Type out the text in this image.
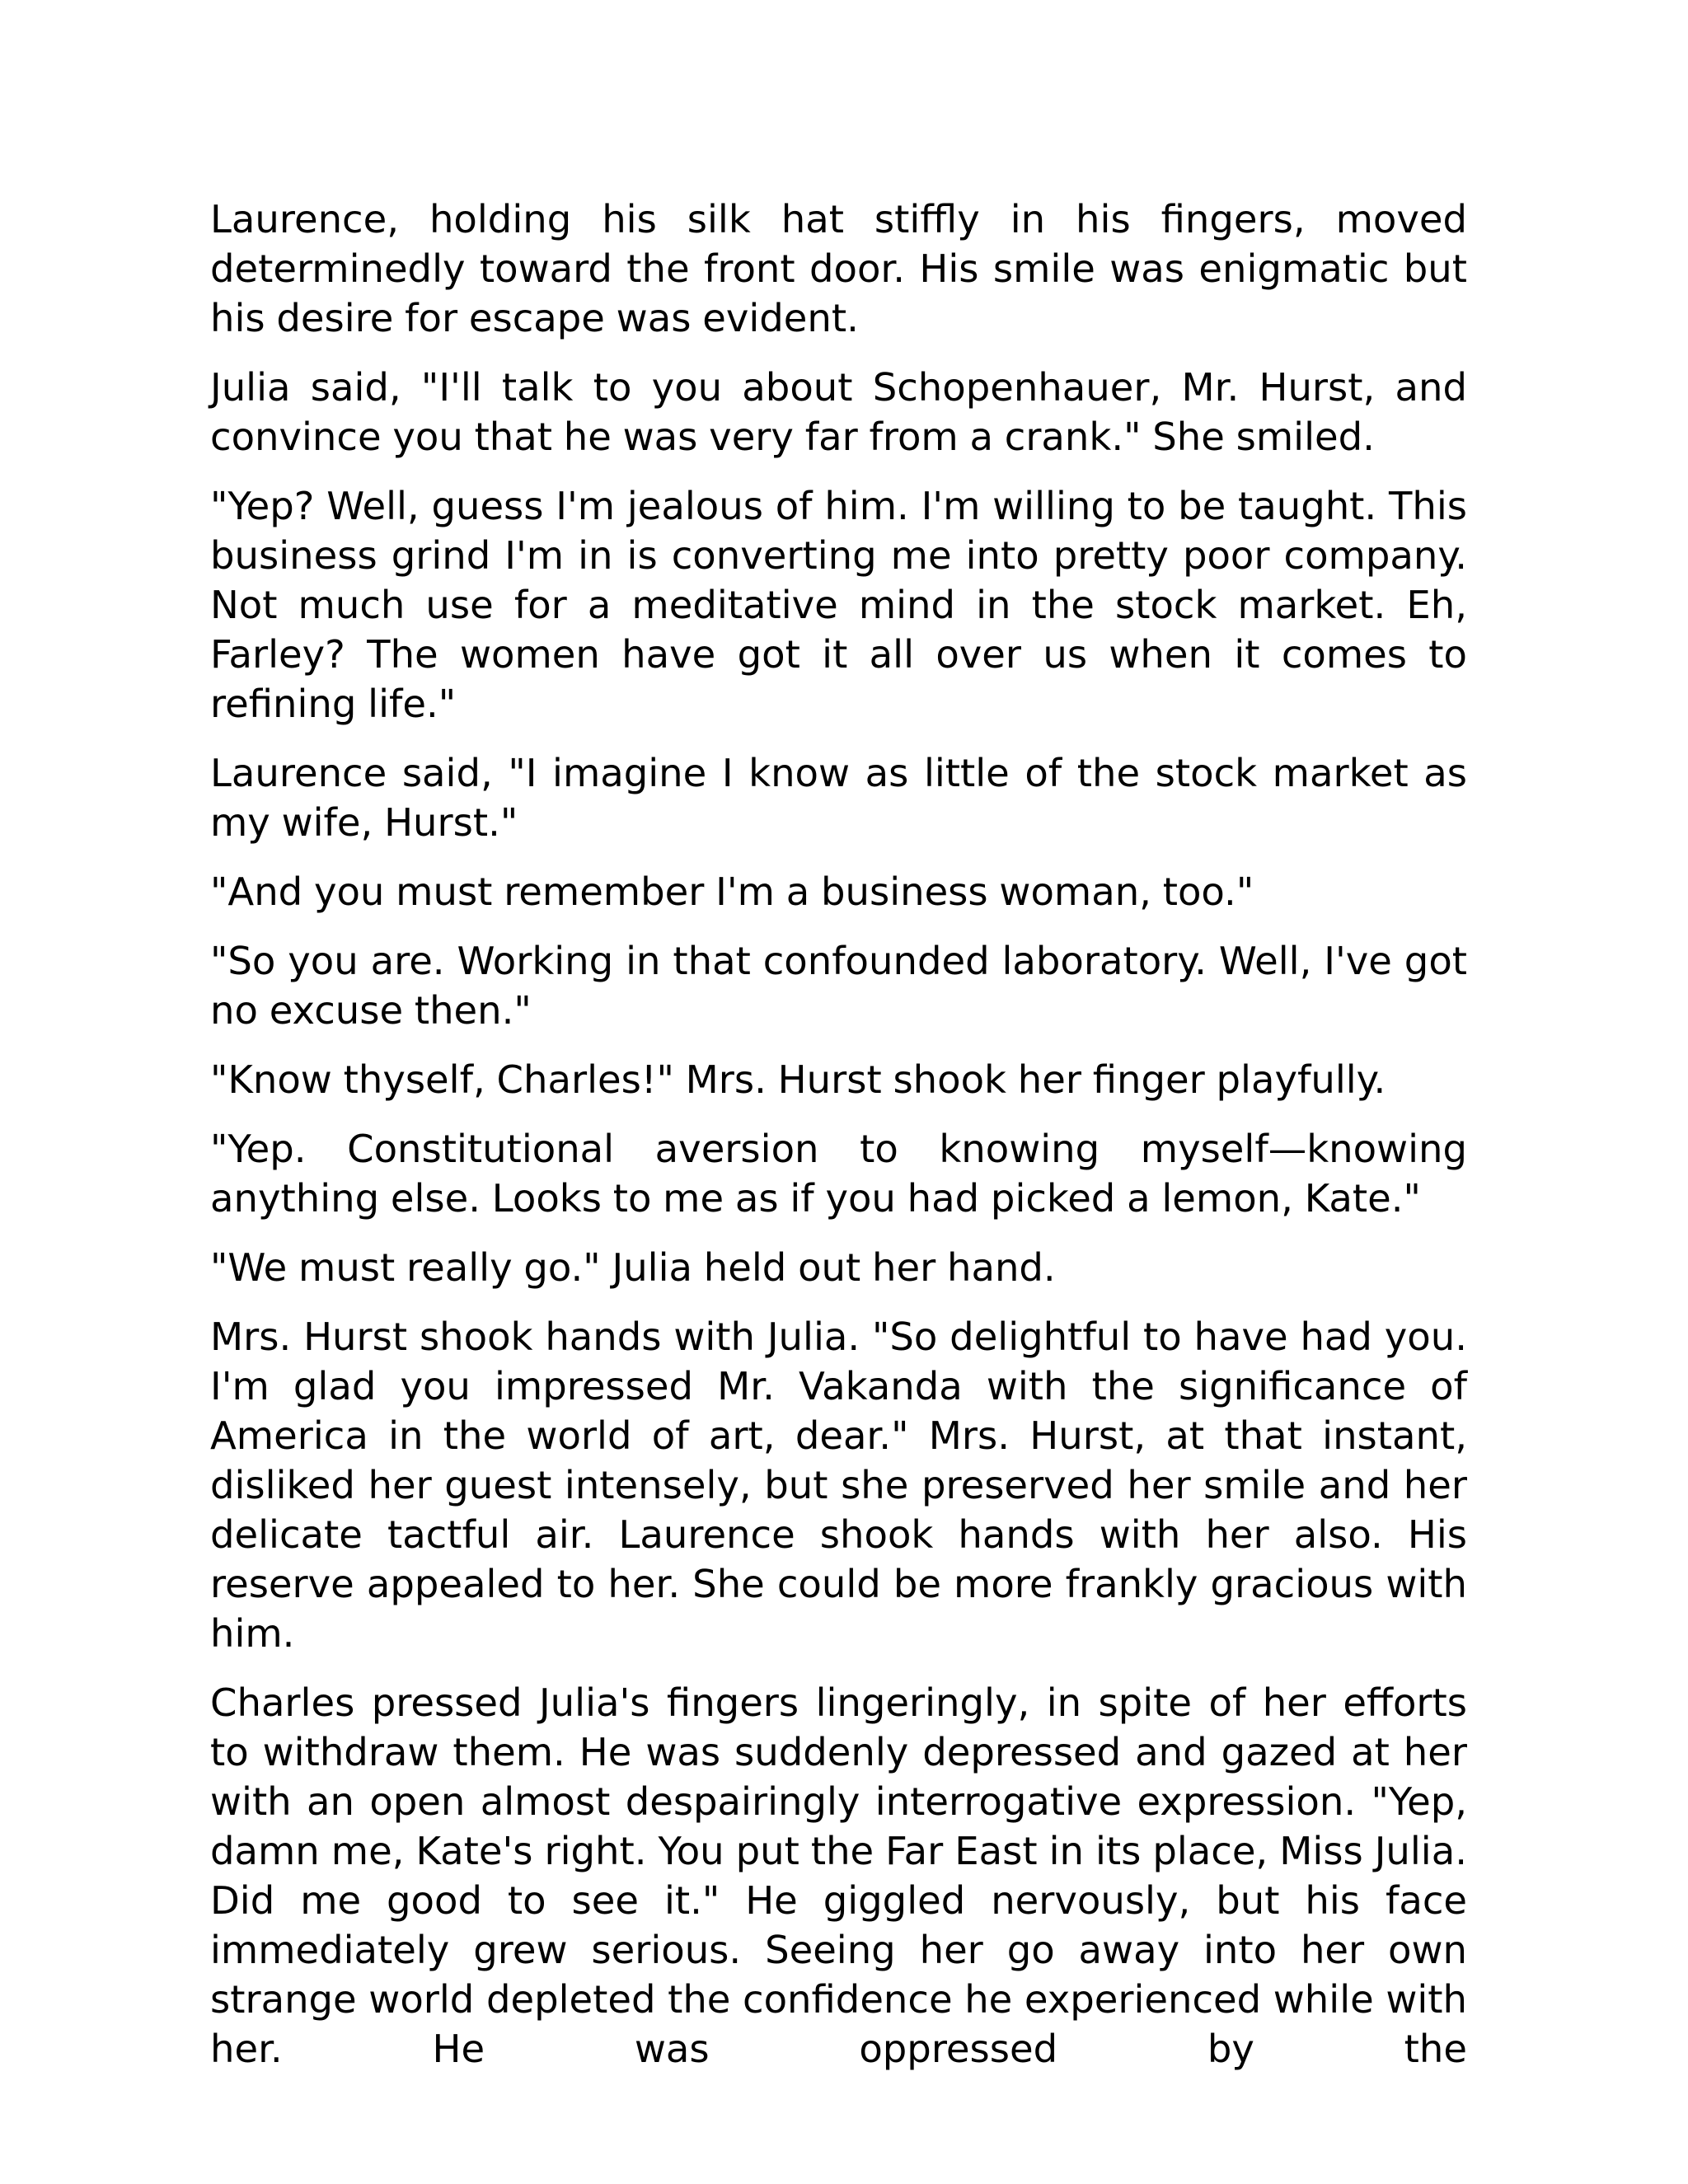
Laurence, holding his silk hat stiffly in his fingers, moved determinedly toward the front door. His smile was enigmatic but his desire for escape was evident.

Julia said, "I'll talk to you about Schopenhauer, Mr. Hurst, and convince you that he was very far from a crank." She smiled.

"Yep? Well, guess I'm jealous of him. I'm willing to be taught. This business grind I'm in is converting me into pretty poor company. Not much use for a meditative mind in the stock market. Eh, Farley? The women have got it all over us when it comes to refining life."

Laurence said, "I imagine I know as little of the stock market as my wife, Hurst."

"And you must remember I'm a business woman, too."

"So you are. Working in that confounded laboratory. Well, I've got no excuse then."

"Know thyself, Charles!" Mrs. Hurst shook her finger playfully.

"Yep. Constitutional aversion to knowing myself—knowing anything else. Looks to me as if you had picked a lemon, Kate."

"We must really go." Julia held out her hand.

Mrs. Hurst shook hands with Julia. "So delightful to have had you. I'm glad you impressed Mr. Vakanda with the significance of America in the world of art, dear." Mrs. Hurst, at that instant, disliked her guest intensely, but she preserved her smile and her delicate tactful air. Laurence shook hands with her also. His reserve appealed to her. She could be more frankly gracious with him.

Charles pressed Julia's fingers lingeringly, in spite of her efforts to withdraw them. He was suddenly depressed and gazed at her with an open almost despairingly interrogative expression. "Yep, damn me, Kate's right. You put the Far East in its place, Miss Julia. Did me good to see it." He giggled nervously, but his face immediately grew serious. Seeing her go away into her own strange world depleted the confidence he experienced while with her. He was oppressed by the
